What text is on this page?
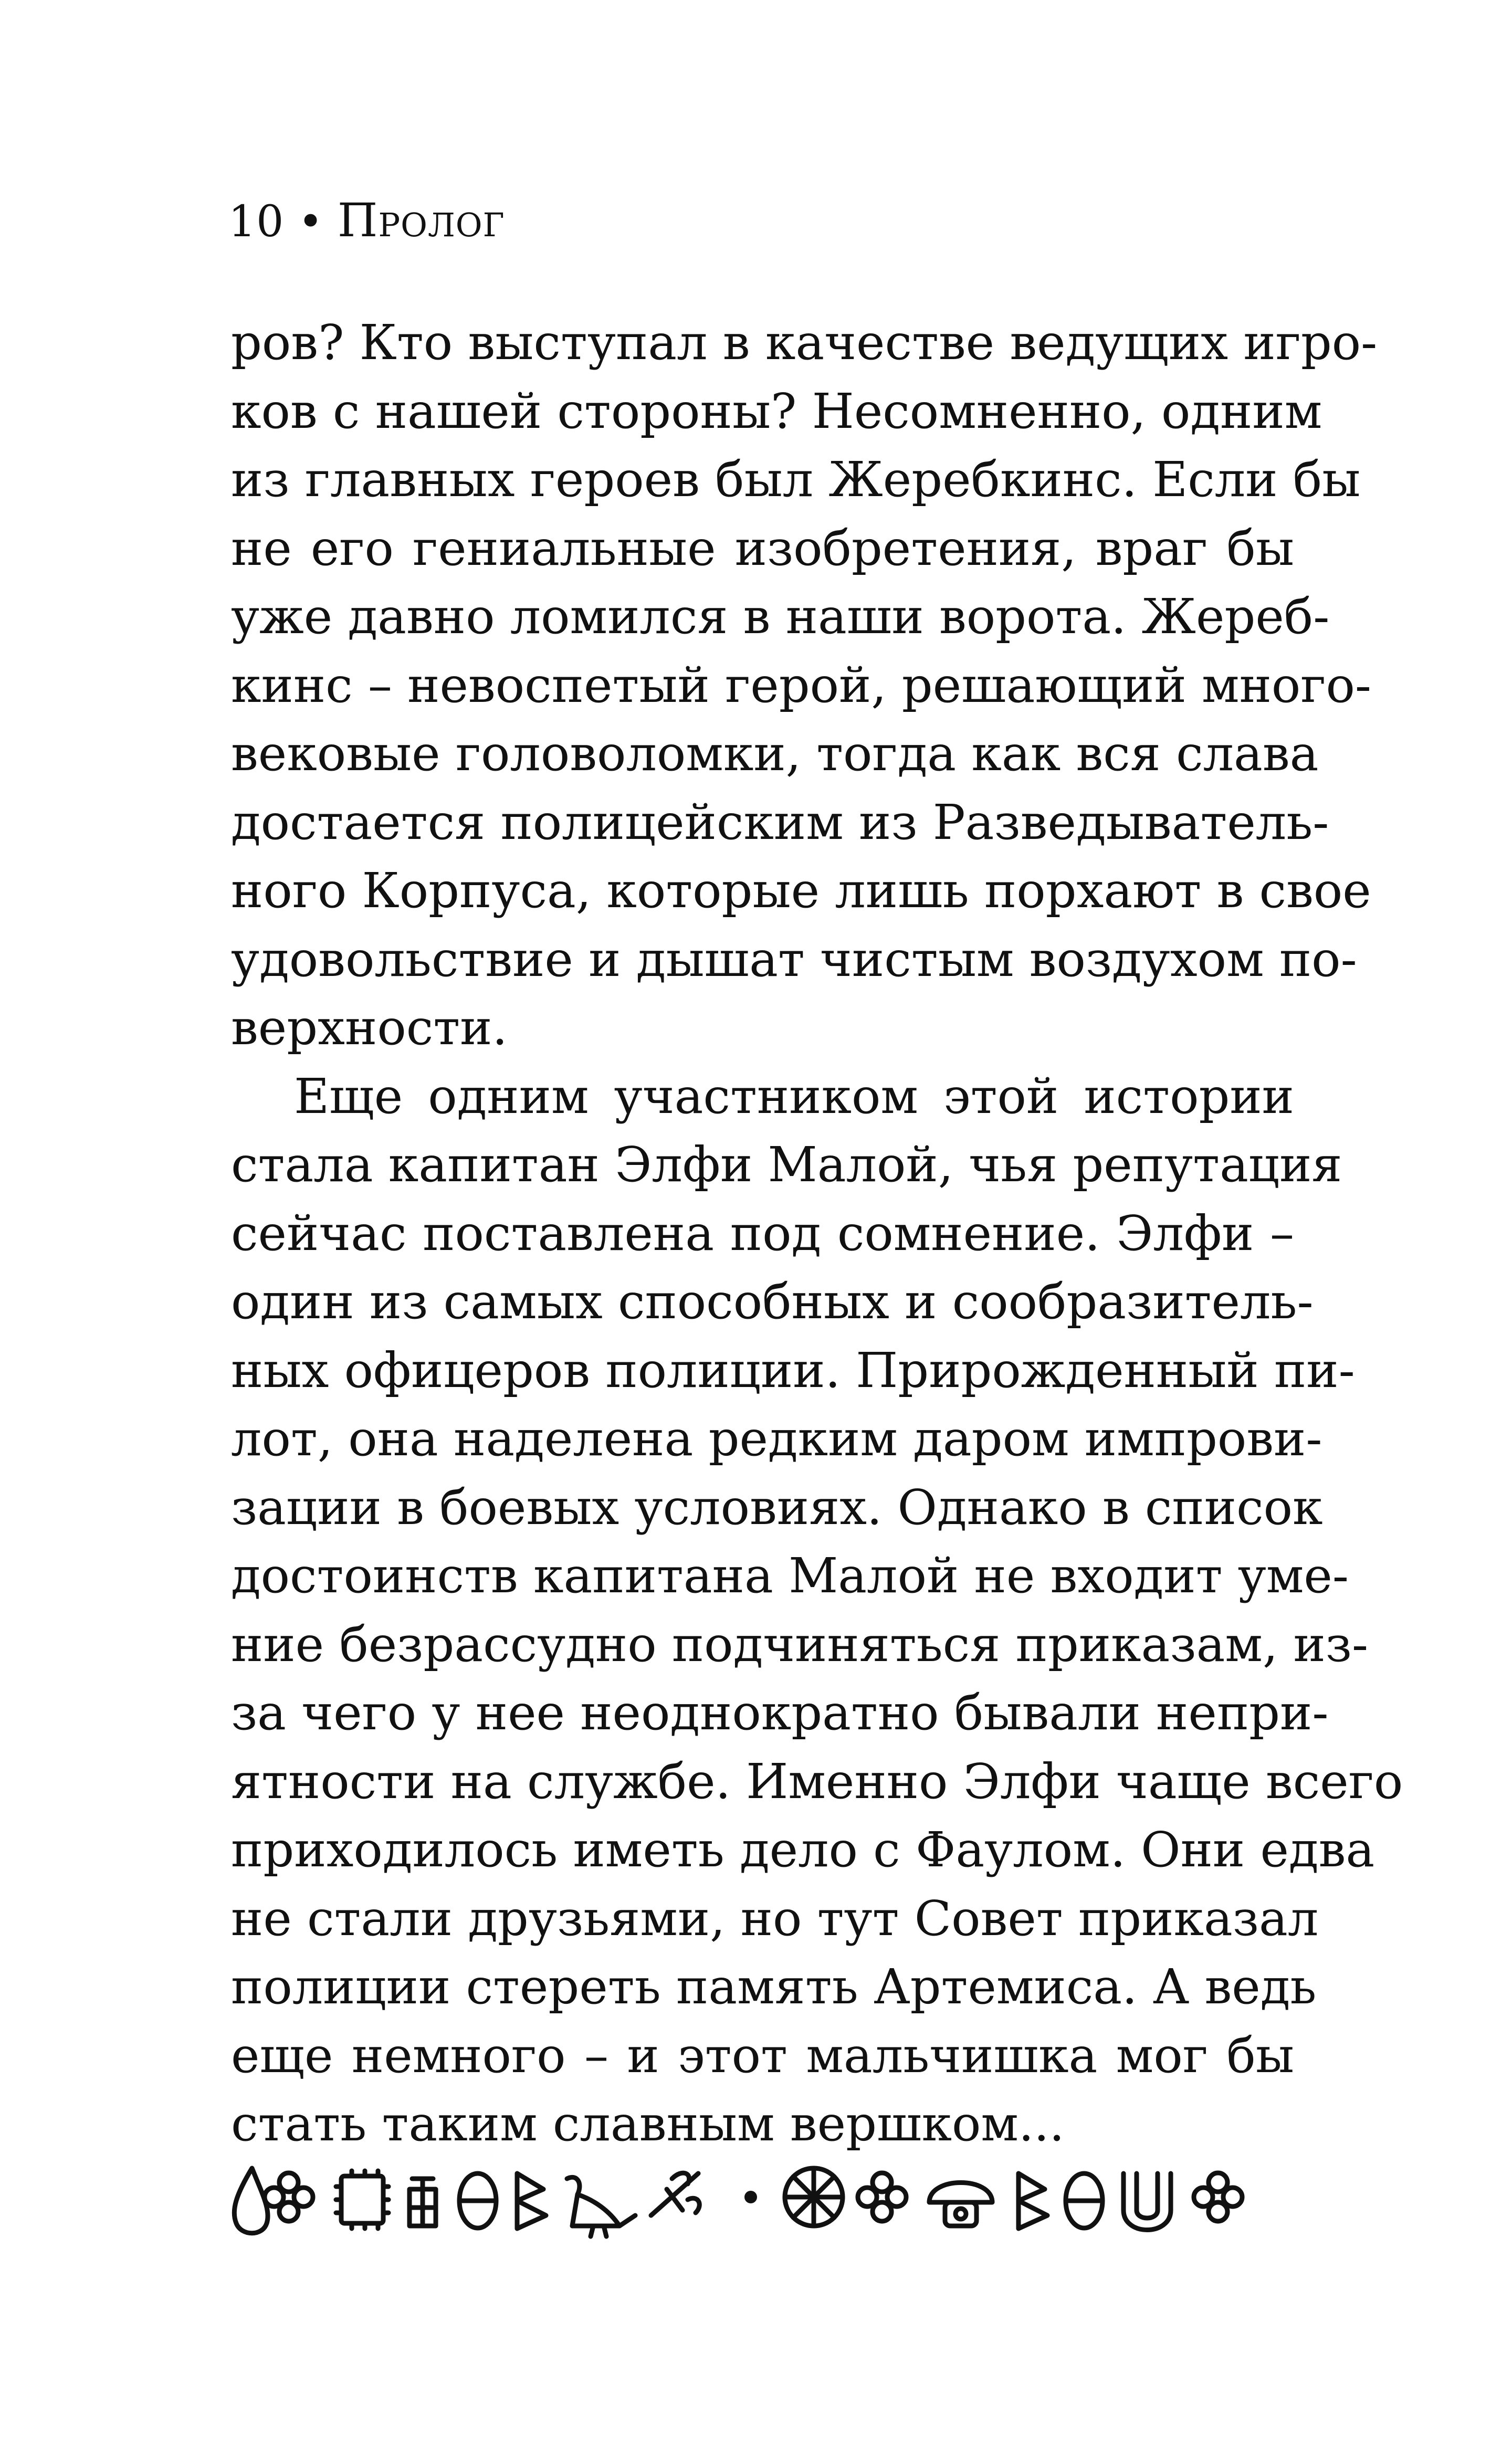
10 • Пролог
ров? Кто выступал в качестве ведущих игро-
ков с нашей стороны? Несомненно, одним
из главных героев был Жеребкинс. Если бы
не его гениальные изобретения, враг бы
уже давно ломился в наши ворота. Жереб-
кинс – невоспетый герой, решающий много-
вековые головоломки, тогда как вся слава
достается полицейским из Разведыватель-
ного Корпуса, которые лишь порхают в свое
удовольствие и дышат чистым воздухом по-
верхности.
Еще одним участником этой истории
стала капитан Элфи Малой, чья репутация
сейчас поставлена под сомнение. Элфи –
один из самых способных и сообразитель-
ных офицеров полиции. Прирожденный пи-
лот, она наделена редким даром импрови-
зации в боевых условиях. Однако в список
достоинств капитана Малой не входит уме-
ние безрассудно подчиняться приказам, из-
за чего у нее неоднократно бывали непри-
ятности на службе. Именно Элфи чаще всего
приходилось иметь дело с Фаулом. Они едва
не стали друзьями, но тут Совет приказал
полиции стереть память Артемиса. А ведь
еще немного – и этот мальчишка мог бы
стать таким славным вершком...
